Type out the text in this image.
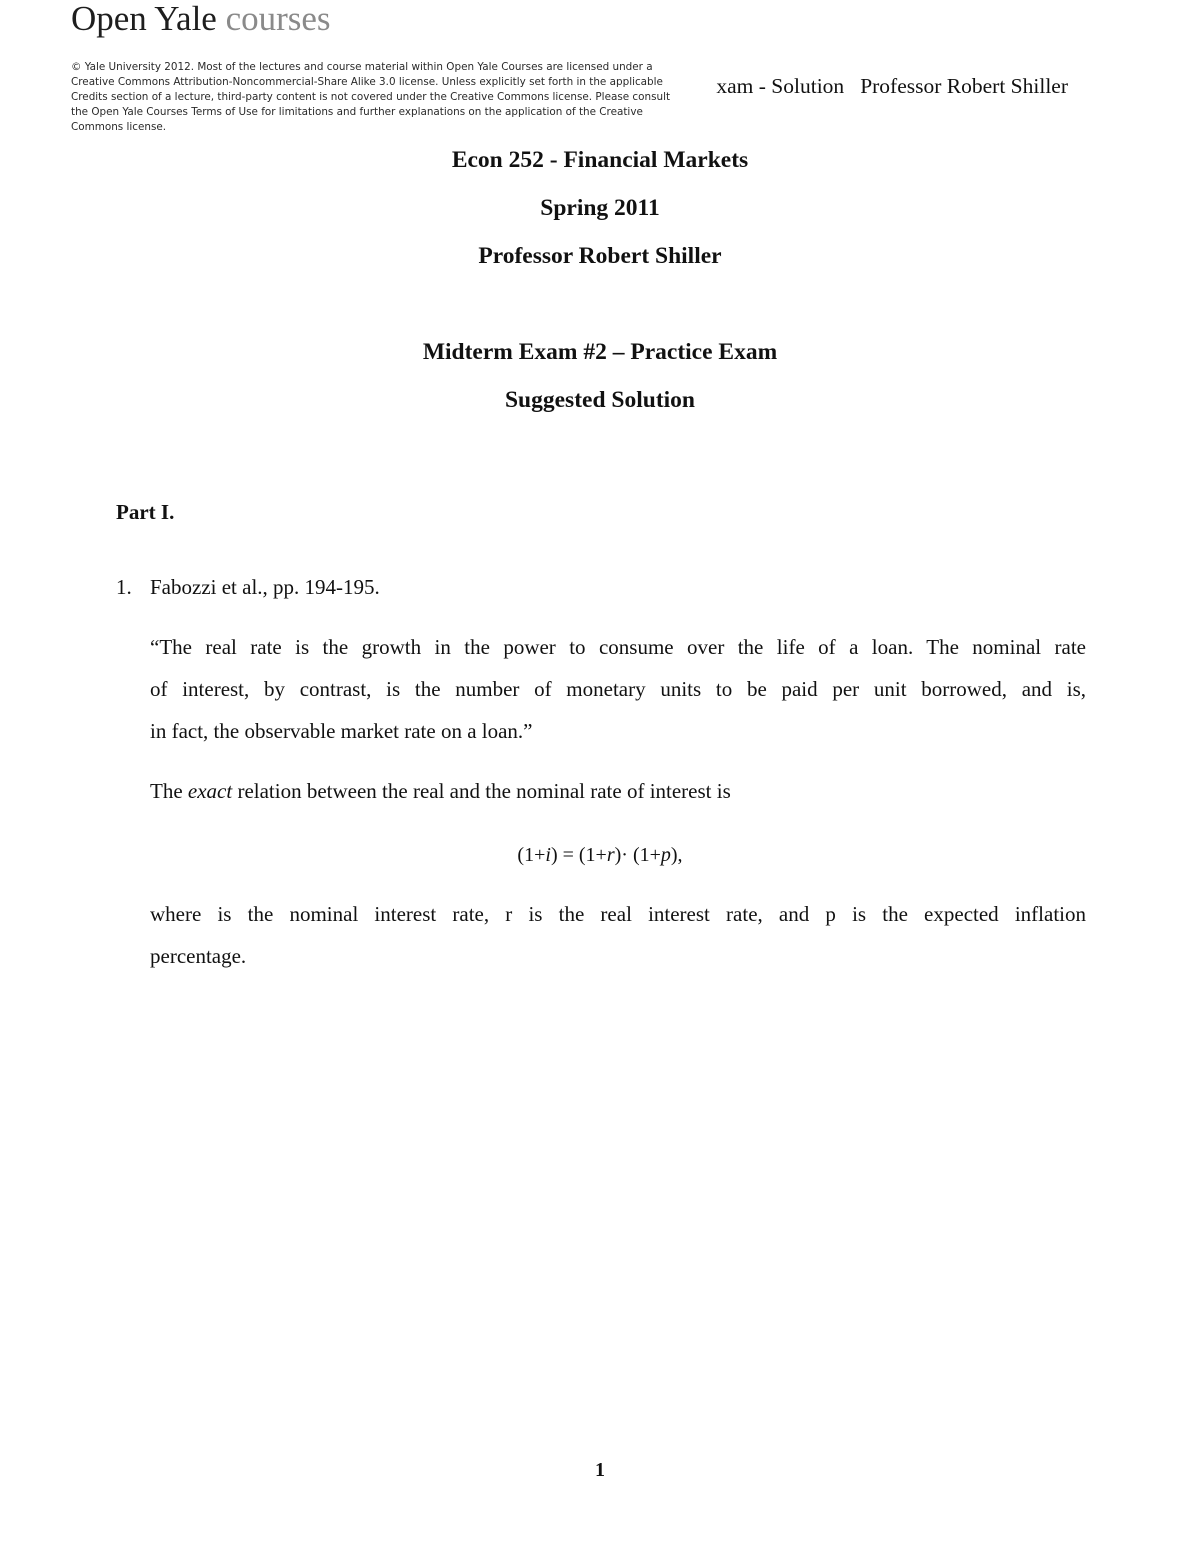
Open Yale courses
© Yale University 2012. Most of the lectures and course material within Open Yale Courses are licensed under a Creative Commons Attribution-Noncommercial-Share Alike 3.0 license. Unless explicitly set forth in the applicable Credits section of a lecture, third-party content is not covered under the Creative Commons license. Please consult the Open Yale Courses Terms of Use for limitations and further explanations on the application of the Creative Commons license.
xam - Solution Professor Robert Shiller
Econ 252 - Financial Markets
Spring 2011
Professor Robert Shiller
Midterm Exam #2 – Practice Exam
Suggested Solution
Part I.
1. Fabozzi et al., pp. 194-195.
“The real rate is the growth in the power to consume over the life of a loan. The nominal rate
of interest, by contrast, is the number of monetary units to be paid per unit borrowed, and is,
in fact, the observable market rate on a loan.”
The exact relation between the real and the nominal rate of interest is
(1+i) = (1+r)· (1+p),
where is the nominal interest rate, r is the real interest rate, and p is the expected inflation
percentage.
1
